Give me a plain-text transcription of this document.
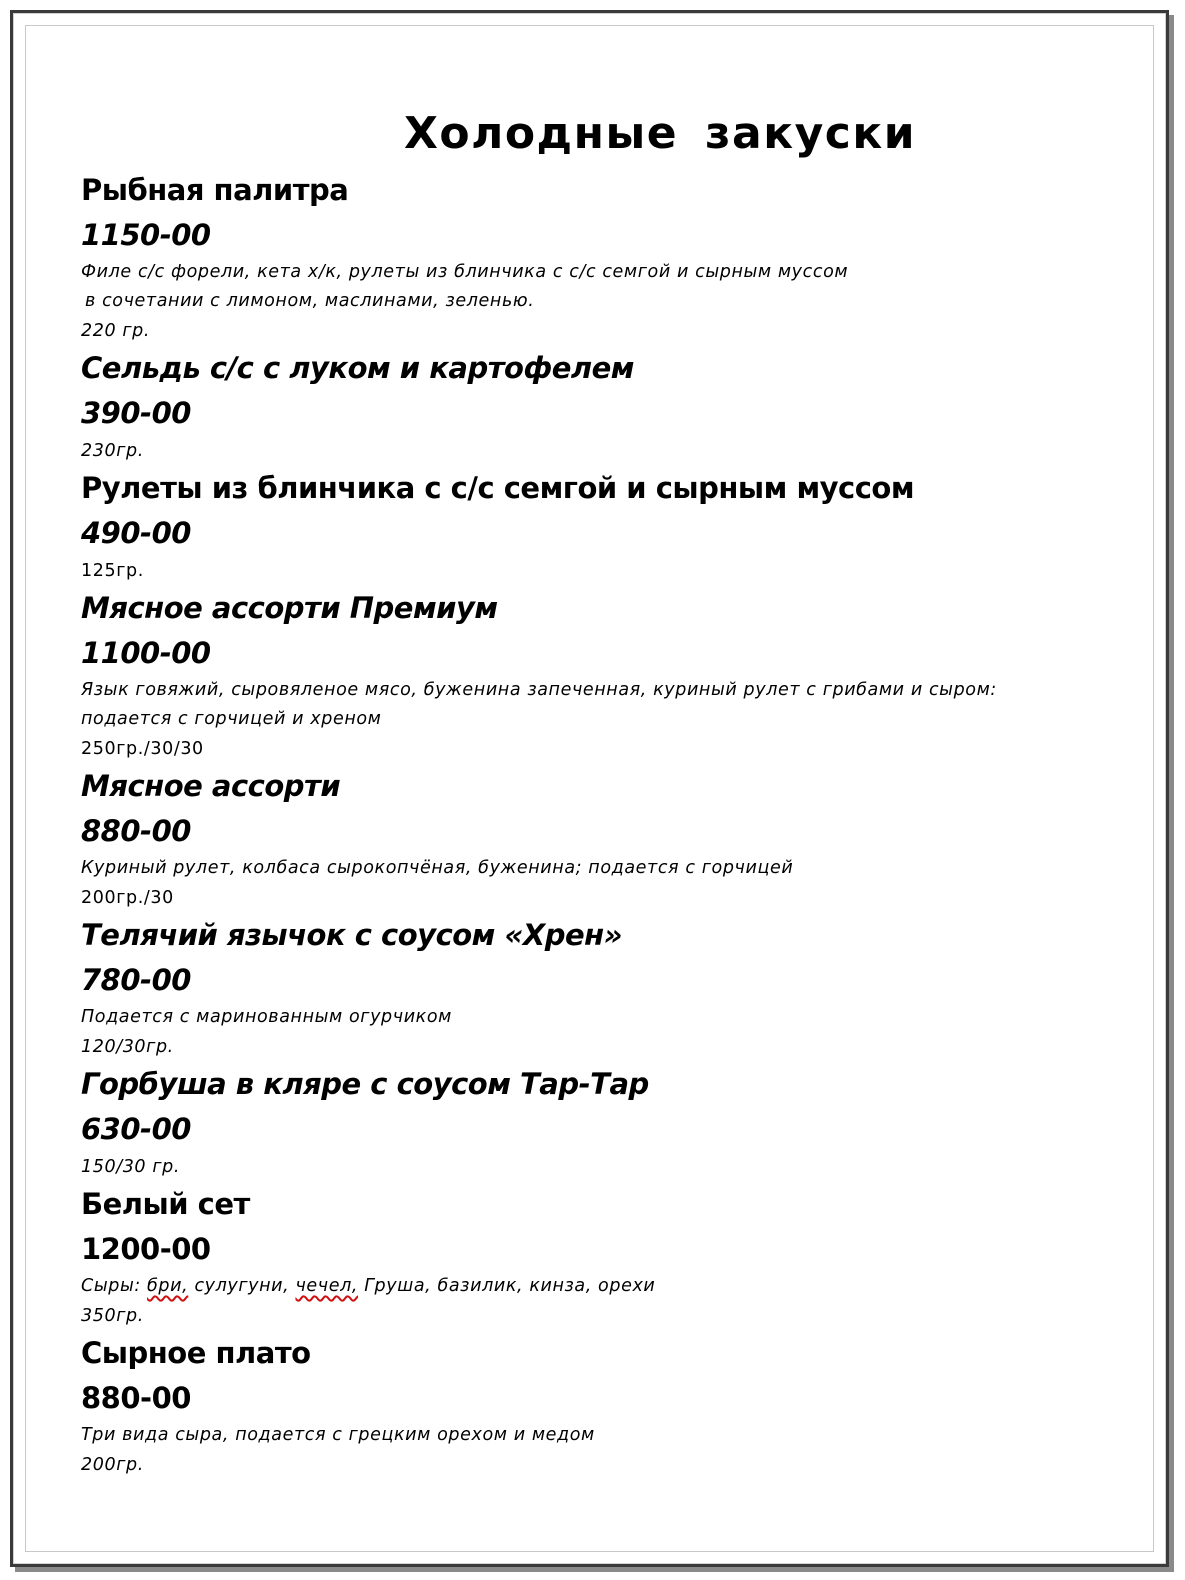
Холодные закуски
Рыбная палитра
1150-00
Филе с/с форели, кета х/к, рулеты из блинчика с с/с семгой и сырным муссом
в сочетании с лимоном, маслинами, зеленью.
220 гр.
Сельдь с/с с луком и картофелем
390-00
230гр.
Рулеты из блинчика с с/с семгой и сырным муссом
490-00
125гр.
Мясное ассорти Премиум
1100-00
Язык говяжий, сыровяленое мясо, буженина запеченная, куриный рулет с грибами и сыром:
подается с горчицей и хреном
250гр./30/30
Мясное ассорти
880-00
Куриный рулет, колбаса сырокопчёная, буженина; подается с горчицей
200гр./30
Телячий язычок с соусом «Хрен»
780-00
Подается с маринованным огурчиком
120/30гр.
Горбуша в кляре с соусом Тар-Тар
630-00
150/30 гр.
Белый сет
1200-00
Сыры: бри, сулугуни, чечел, Груша, базилик, кинза, орехи
350гр.
Сырное плато
880-00
Три вида сыра, подается с грецким орехом и медом
200гр.
